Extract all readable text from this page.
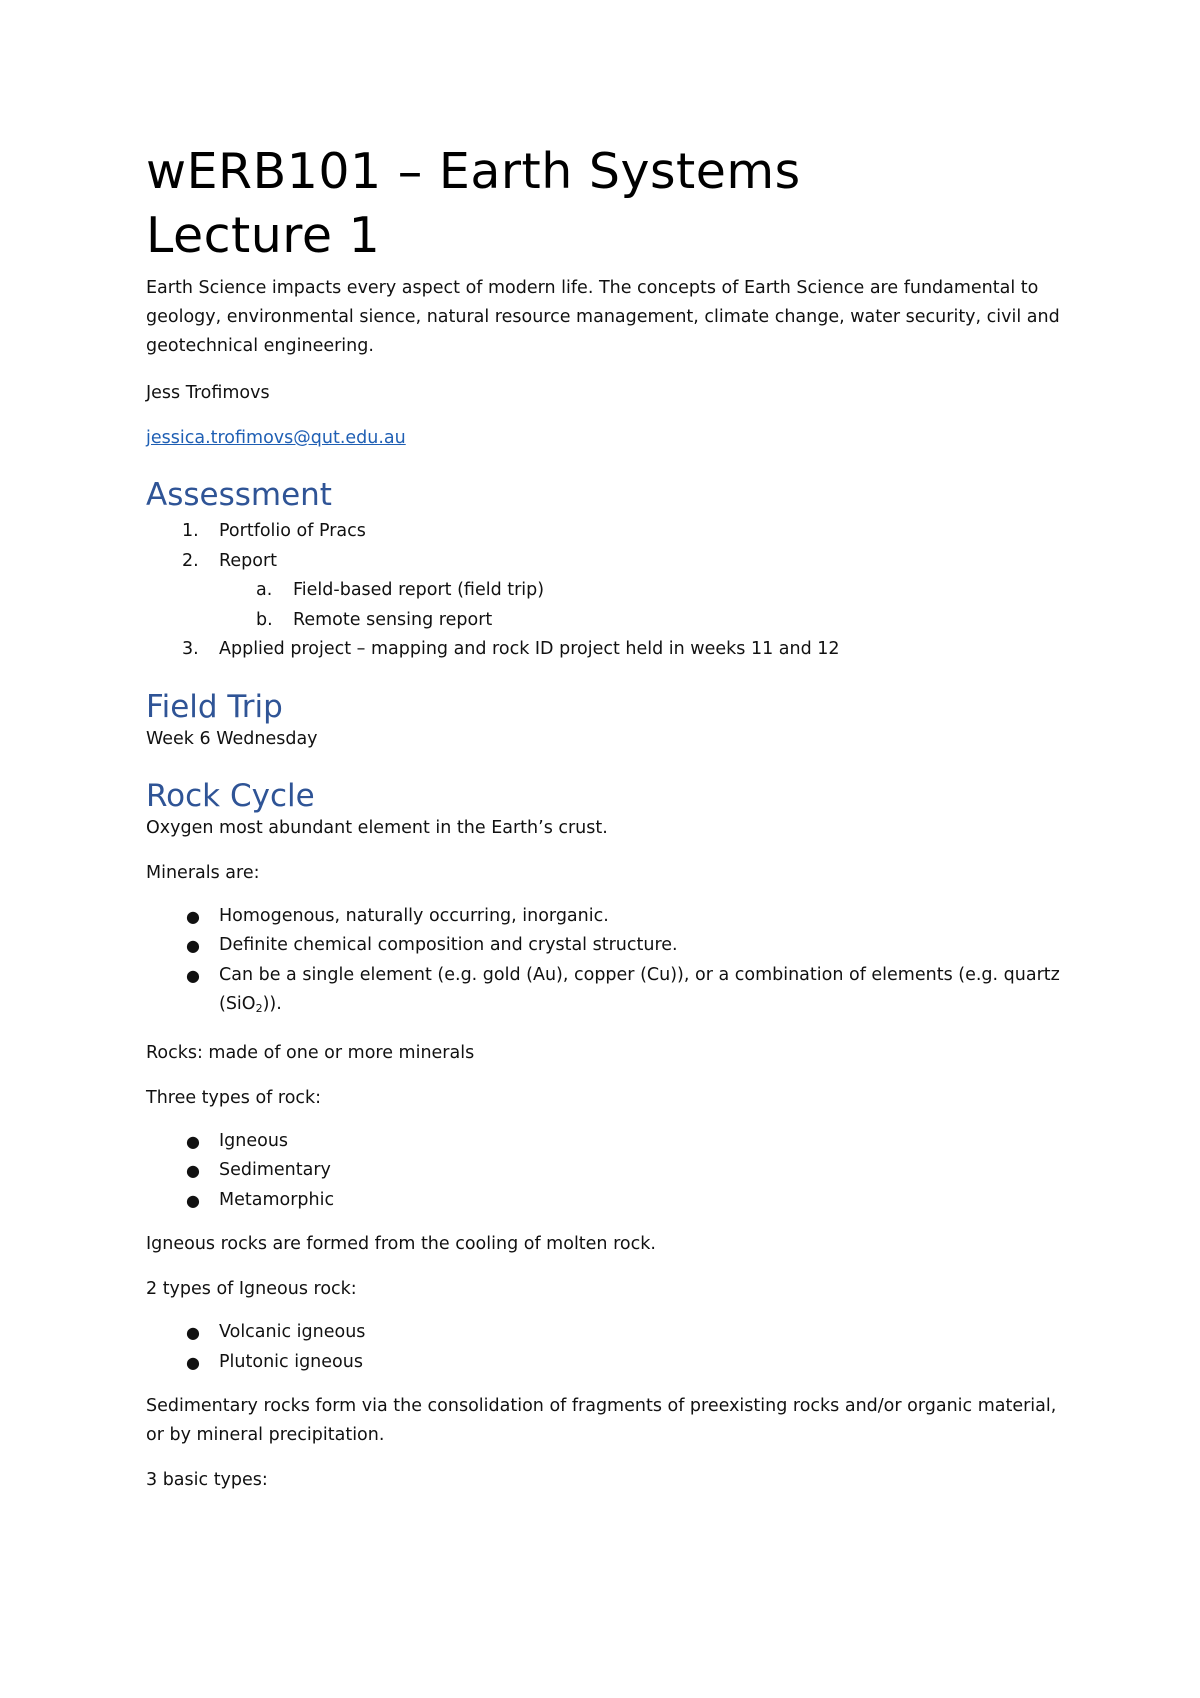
wERB101 – Earth Systems
Lecture 1

Earth Science impacts every aspect of modern life. The concepts of Earth Science are fundamental to geology, environmental sience, natural resource management, climate change, water security, civil and geotechnical engineering.

Jess Trofimovs

jessica.trofimovs@qut.edu.au

Assessment
1. Portfolio of Pracs
2. Report
a. Field-based report (field trip)
b. Remote sensing report
3. Applied project – mapping and rock ID project held in weeks 11 and 12
Field Trip

Week 6 Wednesday

Rock Cycle

Oxygen most abundant element in the Earth’s crust.

Minerals are:

● Homogenous, naturally occurring, inorganic.
● Definite chemical composition and crystal structure.
● Can be a single element (e.g. gold (Au), copper (Cu)), or a combination of elements (e.g. quartz (SiO$_2$)).

Rocks: made of one or more minerals

Three types of rock:

● Igneous
● Sedimentary
● Metamorphic

Igneous rocks are formed from the cooling of molten rock.

2 types of Igneous rock:

● Volcanic igneous
● Plutonic igneous

Sedimentary rocks form via the consolidation of fragments of preexisting rocks and/or organic material, or by mineral precipitation.

3 basic types:
